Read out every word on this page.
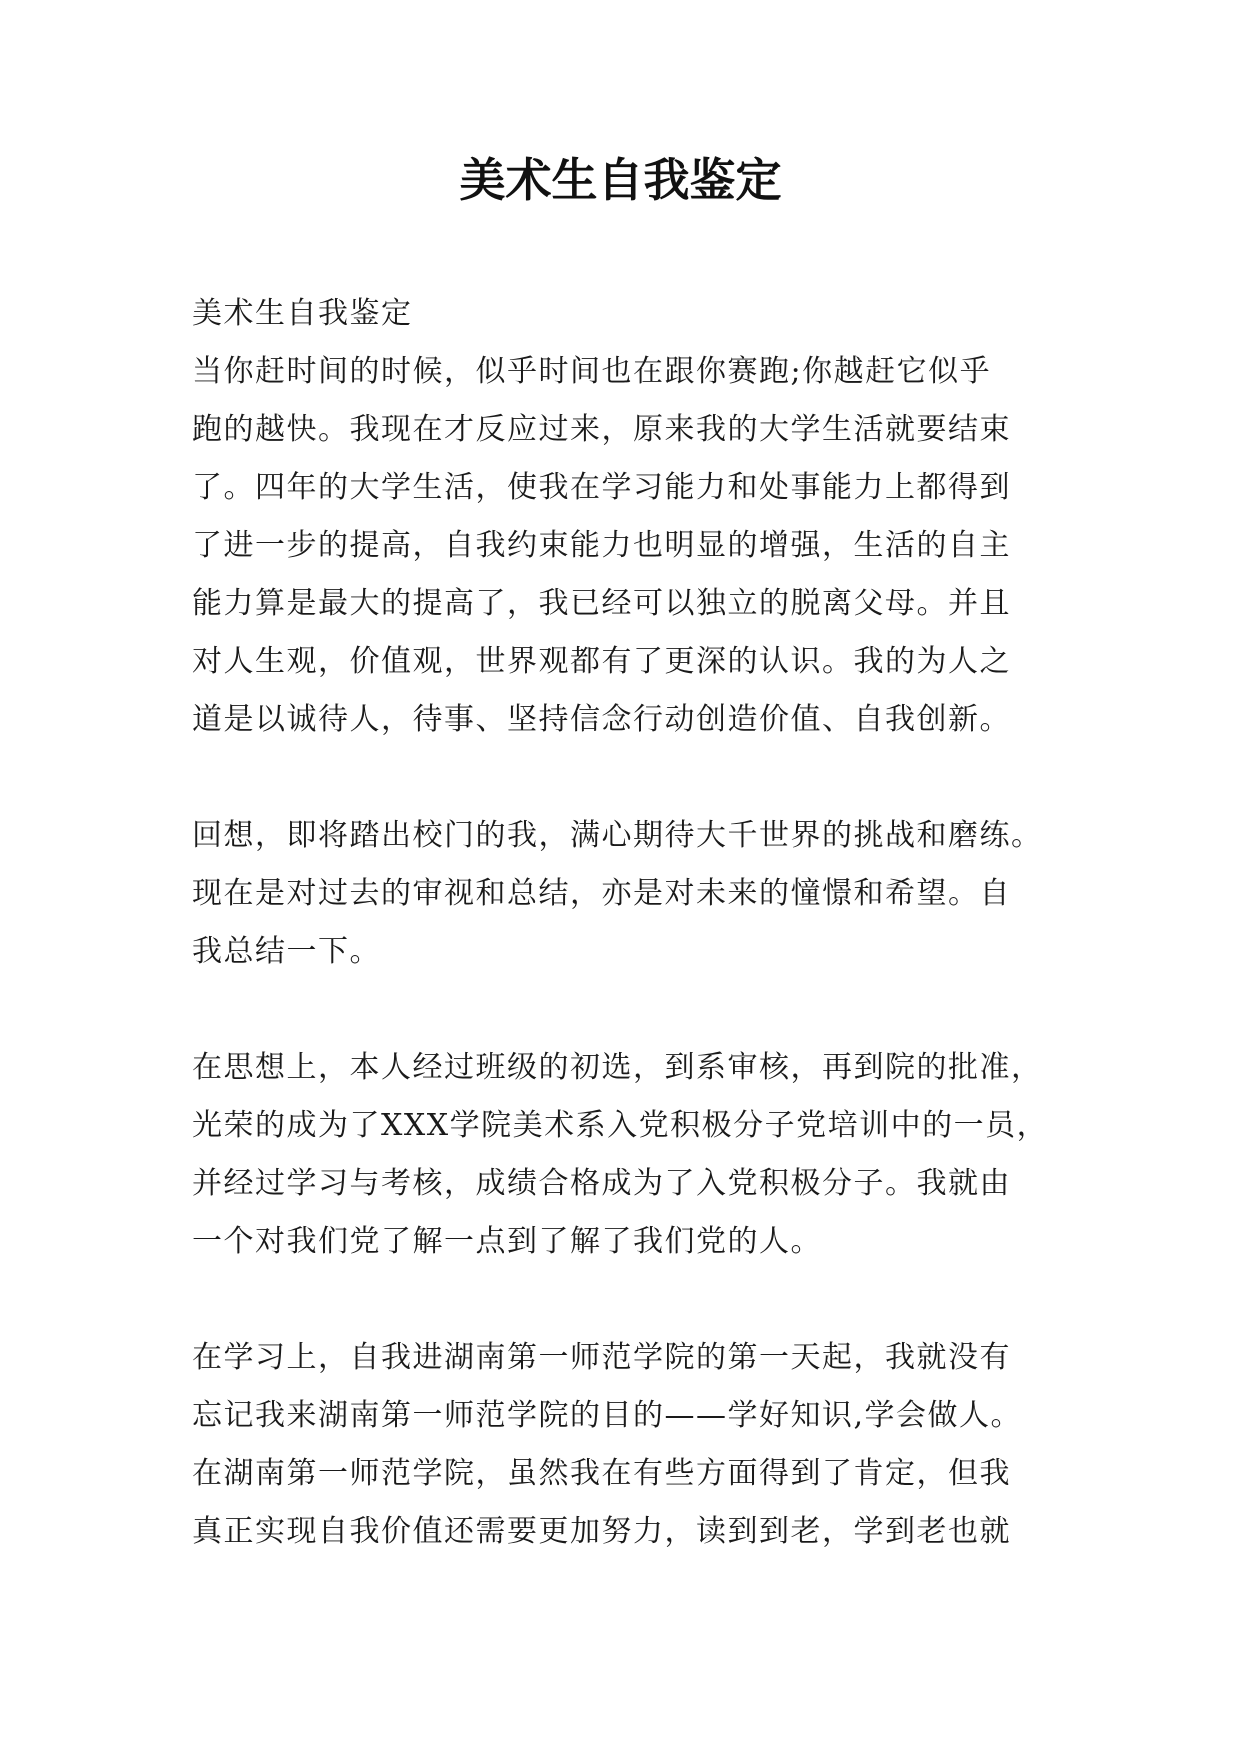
美术生自我鉴定

美术生自我鉴定

当你赶时间的时候，似乎时间也在跟你赛跑;你越赶它似乎

跑的越快。我现在才反应过来，原来我的大学生活就要结束

了。四年的大学生活，使我在学习能力和处事能力上都得到

了进一步的提高，自我约束能力也明显的增强，生活的自主

能力算是最大的提高了，我已经可以独立的脱离父母。并且

对人生观，价值观，世界观都有了更深的认识。我的为人之

道是以诚待人，待事、坚持信念行动创造价值、自我创新。

回想，即将踏出校门的我，满心期待大千世界的挑战和磨练。

现在是对过去的审视和总结，亦是对未来的憧憬和希望。自

我总结一下。

在思想上，本人经过班级的初选，到系审核，再到院的批准，

光荣的成为了XXX学院美术系入党积极分子党培训中的一员，

并经过学习与考核，成绩合格成为了入党积极分子。我就由

一个对我们党了解一点到了解了我们党的人。

在学习上，自我进湖南第一师范学院的第一天起，我就没有

忘记我来湖南第一师范学院的目的——学好知识,学会做人。

在湖南第一师范学院，虽然我在有些方面得到了肯定，但我

真正实现自我价值还需要更加努力，读到到老，学到老也就
